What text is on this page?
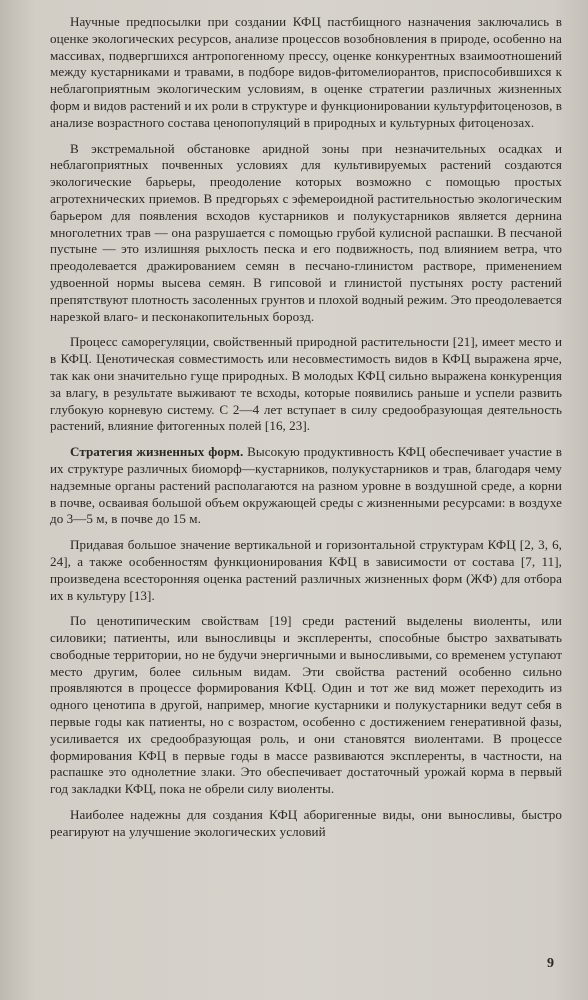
Научные предпосылки при создании КФЦ пастбищного назначения заключались в оценке экологических ресурсов, анализе процессов возобновления в природе, особенно на массивах, подвергшихся антропогенному прессу, оценке конкурентных взаимоотношений между кустарниками и травами, в подборе видов-фитомелиорантов, приспособившихся к неблагоприятным экологическим условиям, в оценке стратегии различных жизненных форм и видов растений и их роли в структуре и функционировании культурфитоценозов, в анализе возрастного состава ценопопуляций в природных и культурных фитоценозах.

В экстремальной обстановке аридной зоны при незначительных осадках и неблагоприятных почвенных условиях для культивируемых растений создаются экологические барьеры, преодоление которых возможно с помощью простых агротехнических приемов. В предгорьях с эфемероидной растительностью экологическим барьером для появления всходов кустарников и полукустарников является дернина многолетних трав — она разрушается с помощью грубой кулисной распашки. В песчаной пустыне — это излишняя рыхлость песка и его подвижность, под влиянием ветра, что преодолевается дражированием семян в песчано-глинистом растворе, применением удвоенной нормы высева семян. В гипсовой и глинистой пустынях росту растений препятствуют плотность засоленных грунтов и плохой водный режим. Это преодолевается нарезкой влаго- и песконакопительных борозд.

Процесс саморегуляции, свойственный природной растительности [21], имеет место и в КФЦ. Ценотическая совместимость или несовместимость видов в КФЦ выражена ярче, так как они значительно гуще природных. В молодых КФЦ сильно выражена конкуренция за влагу, в результате выживают те всходы, которые появились раньше и успели развить глубокую корневую систему. С 2—4 лет вступает в силу средообразующая деятельность растений, влияние фитогенных полей [16, 23].

Стратегия жизненных форм. Высокую продуктивность КФЦ обеспечивает участие в их структуре различных биоморф—кустарников, полукустарников и трав, благодаря чему надземные органы растений располагаются на разном уровне в воздушной среде, а корни в почве, осваивая большой объем окружающей среды с жизненными ресурсами: в воздухе до 3—5 м, в почве до 15 м.

Придавая большое значение вертикальной и горизонтальной структурам КФЦ [2, 3, 6, 24], а также особенностям функционирования КФЦ в зависимости от состава [7, 11], произведена всесторонняя оценка растений различных жизненных форм (ЖФ) для отбора их в культуру [13].

По ценотипическим свойствам [19] среди растений выделены виоленты, или силовики; патиенты, или выносливцы и эксплеренты, способные быстро захватывать свободные территории, но не будучи энергичными и выносливыми, со временем уступают место другим, более сильным видам. Эти свойства растений особенно сильно проявляются в процессе формирования КФЦ. Один и тот же вид может переходить из одного ценотипа в другой, например, многие кустарники и полукустарники ведут себя в первые годы как патиенты, но с возрастом, особенно с достижением генеративной фазы, усиливается их средообразующая роль, и они становятся виолентами. В процессе формирования КФЦ в первые годы в массе развиваются эксплеренты, в частности, на распашке это однолетние злаки. Это обеспечивает достаточный урожай корма в первый год закладки КФЦ, пока не обрели силу виоленты.

Наиболее надежны для создания КФЦ аборигенные виды, они выносливы, быстро реагируют на улучшение экологических условий

9
